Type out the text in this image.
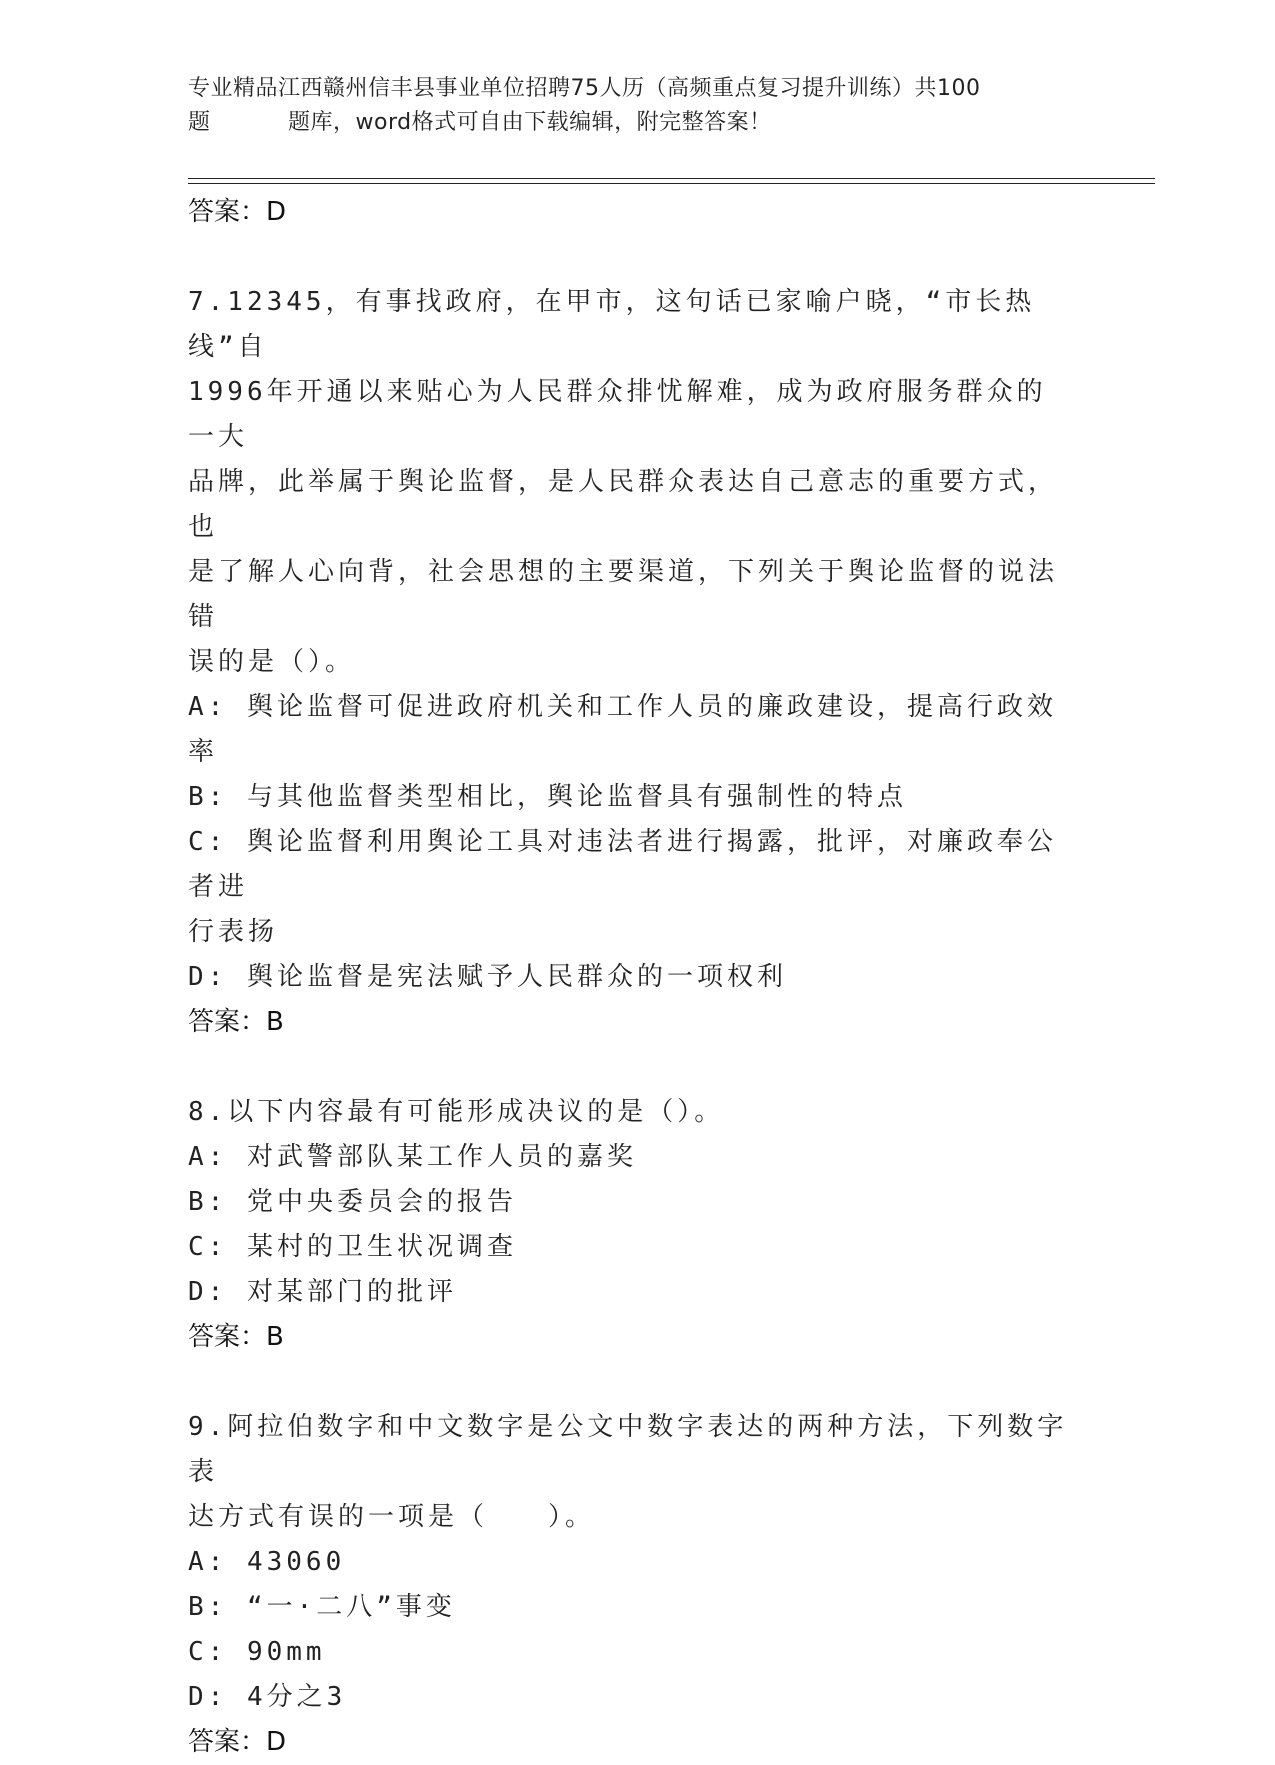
专业精品江西赣州信丰县事业单位招聘75人历（高频重点复习提升训练）共100
题	题库，word格式可自由下载编辑，附完整答案！
答案：D
7.12345，有事找政府，在甲市，这句话已家喻户晓，“市长热线”自
1996年开通以来贴心为人民群众排忧解难，成为政府服务群众的一大
品牌，此举属于舆论监督，是人民群众表达自己意志的重要方式，也
是了解人心向背，社会思想的主要渠道，下列关于舆论监督的说法错
误的是（）。
A: 舆论监督可促进政府机关和工作人员的廉政建设，提高行政效率
B: 与其他监督类型相比，舆论监督具有强制性的特点
C: 舆论监督利用舆论工具对违法者进行揭露，批评，对廉政奉公者进
行表扬
D: 舆论监督是宪法赋予人民群众的一项权利
答案：B
8.以下内容最有可能形成决议的是（）。
A: 对武警部队某工作人员的嘉奖
B: 党中央委员会的报告
C: 某村的卫生状况调查
D: 对某部门的批评
答案：B
9.阿拉伯数字和中文数字是公文中数字表达的两种方法，下列数字表
达方式有误的一项是（　　）。
A: 43060
B: “一·二八”事变
C: 90mm
D: 4分之3
答案：D
